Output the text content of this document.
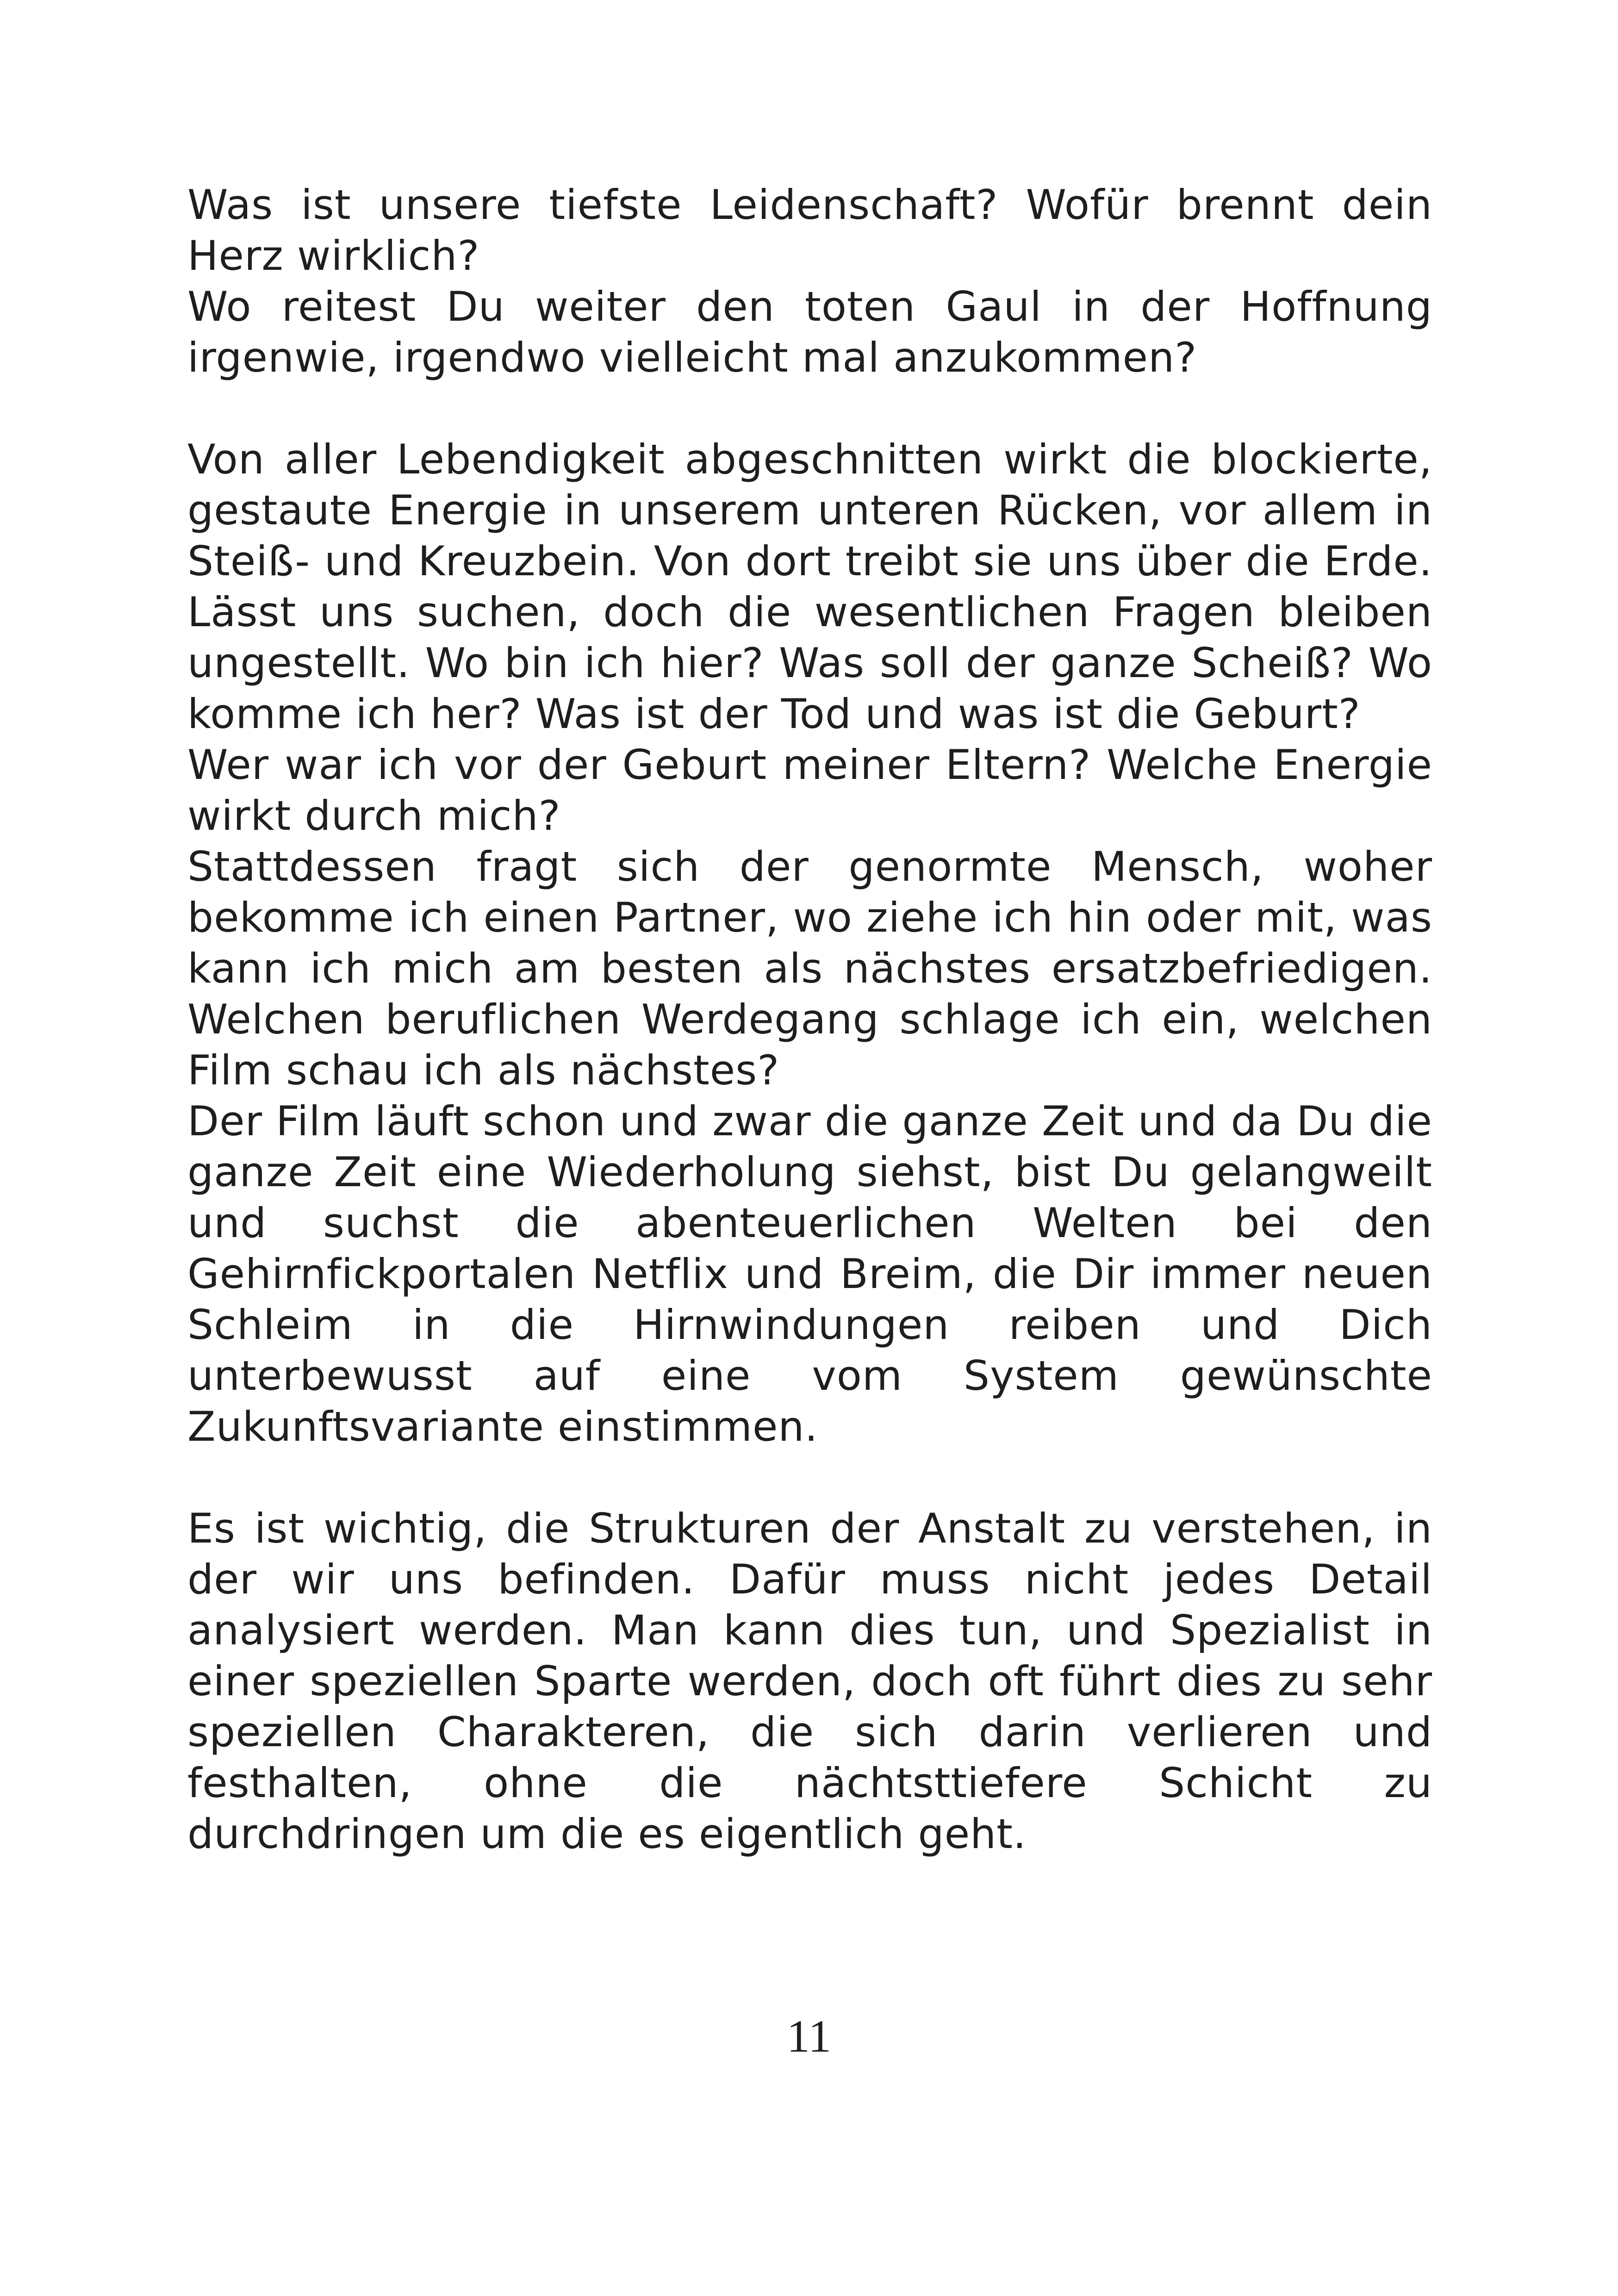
Was ist unsere tiefste Leidenschaft? Wofür brennt dein Herz wirklich?

Wo reitest Du weiter den toten Gaul in der Hoffnung irgenwie, irgendwo vielleicht mal anzukommen?

Von aller Lebendigkeit abgeschnitten wirkt die blockierte, gestaute Energie in unserem unteren Rücken, vor allem in Steiß- und Kreuzbein. Von dort treibt sie uns über die Erde. Lässt uns suchen, doch die wesentlichen Fragen bleiben ungestellt. Wo bin ich hier? Was soll der ganze Scheiß? Wo komme ich her? Was ist der Tod und was ist die Geburt?

Wer war ich vor der Geburt meiner Eltern? Welche Energie wirkt durch mich?

Stattdessen fragt sich der genormte Mensch, woher bekomme ich einen Partner, wo ziehe ich hin oder mit, was kann ich mich am besten als nächstes ersatzbefriedigen. Welchen beruflichen Werdegang schlage ich ein, welchen Film schau ich als nächstes?

Der Film läuft schon und zwar die ganze Zeit und da Du die ganze Zeit eine Wiederholung siehst, bist Du gelangweilt und suchst die abenteuerlichen Welten bei den Gehirnfickportalen Netflix und Breim, die Dir immer neuen Schleim in die Hirnwindungen reiben und Dich unterbewusst auf eine vom System gewünschte Zukunftsvariante einstimmen.

Es ist wichtig, die Strukturen der Anstalt zu verstehen, in der wir uns befinden. Dafür muss nicht jedes Detail analysiert werden. Man kann dies tun, und Spezialist in einer speziellen Sparte werden, doch oft führt dies zu sehr speziellen Charakteren, die sich darin verlieren und festhalten, ohne die nächtsttiefere Schicht zu durchdringen um die es eigentlich geht.

11
